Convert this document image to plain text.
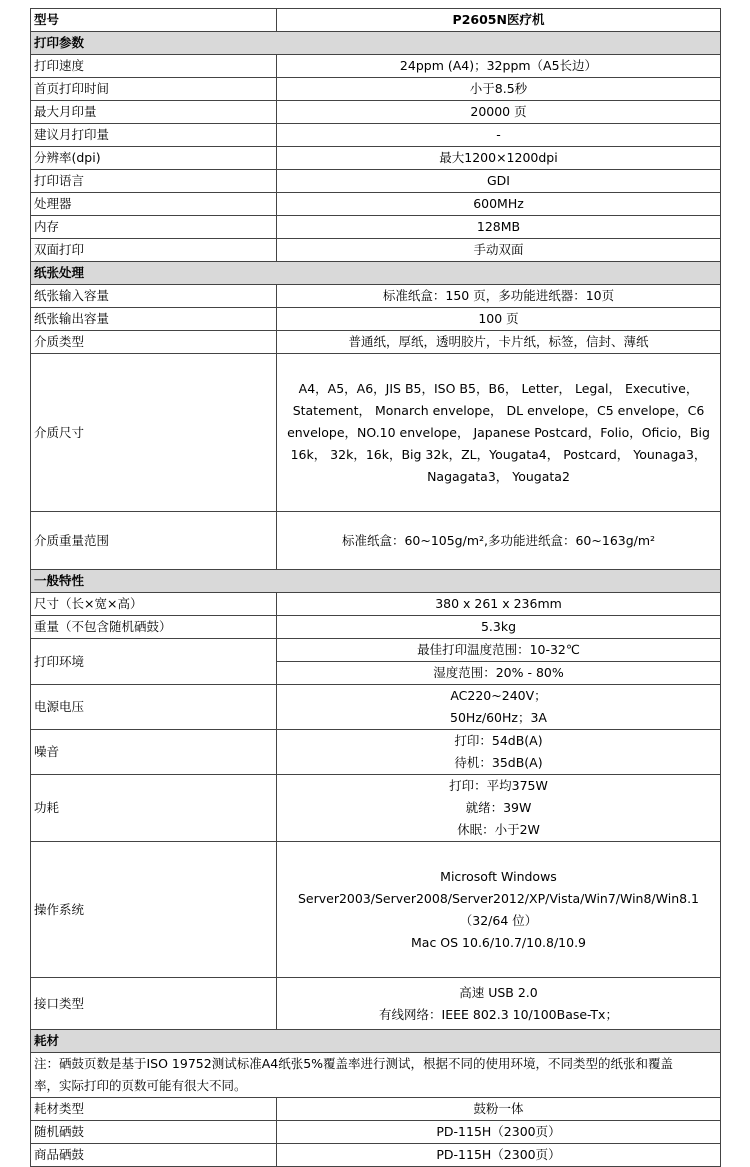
型号	P2605N医疗机
打印参数	
打印速度	24ppm (A4)；32ppm（A5长边）
首页打印时间	小于8.5秒
最大月印量	20000 页
建议月打印量	-
分辨率(dpi)	最大1200×1200dpi
打印语言	GDI
处理器	600MHz
内存	128MB
双面打印	手动双面
纸张处理	
纸张输入容量	标准纸盒：150 页，多功能进纸器：10页
纸张输出容量	100 页
介质类型	普通纸，厚纸，透明胶片，卡片纸，标签，信封、薄纸
介质尺寸	A4，A5，A6，JIS B5，ISO B5，B6， Letter， Legal， Executive，
Statement， Monarch envelope， DL envelope，C5 envelope，C6
envelope，NO.10 envelope， Japanese Postcard，Folio，Oficio，Big
16k， 32k，16k，Big 32k，ZL，Yougata4， Postcard， Younaga3，
Nagagata3， Yougata2

介质重量范围	标准纸盒：60~105g/m²,多功能进纸盒：60~163g/m²
一般特性	
尺寸（长×宽×高）	380 x 261 x 236mm
重量（不包含随机硒鼓）	5.3kg
打印环境	最佳打印温度范围：10-32℃
	湿度范围：20% - 80%
电源电压	AC220~240V；
50Hz/60Hz；3A

噪音	打印：54dB(A)
待机：35dB(A)

功耗	打印：平均375W
就绪：39W
休眠：小于2W

操作系统	Microsoft Windows
Server2003/Server2008/Server2012/XP/Vista/Win7/Win8/Win8.1
（32/64 位）
Mac OS 10.6/10.7/10.8/10.9

接口类型	高速 USB 2.0
有线网络：IEEE 802.3 10/100Base-Tx；

耗材	

注：硒鼓页数是基于ISO 19752测试标准A4纸张5%覆盖率进行测试，根据不同的使用环境，不同类型的纸张和覆盖
率，实际打印的页数可能有很大不同。	

耗材类型	鼓粉一体
随机硒鼓	PD-115H（2300页）
商品硒鼓	PD-115H（2300页）
